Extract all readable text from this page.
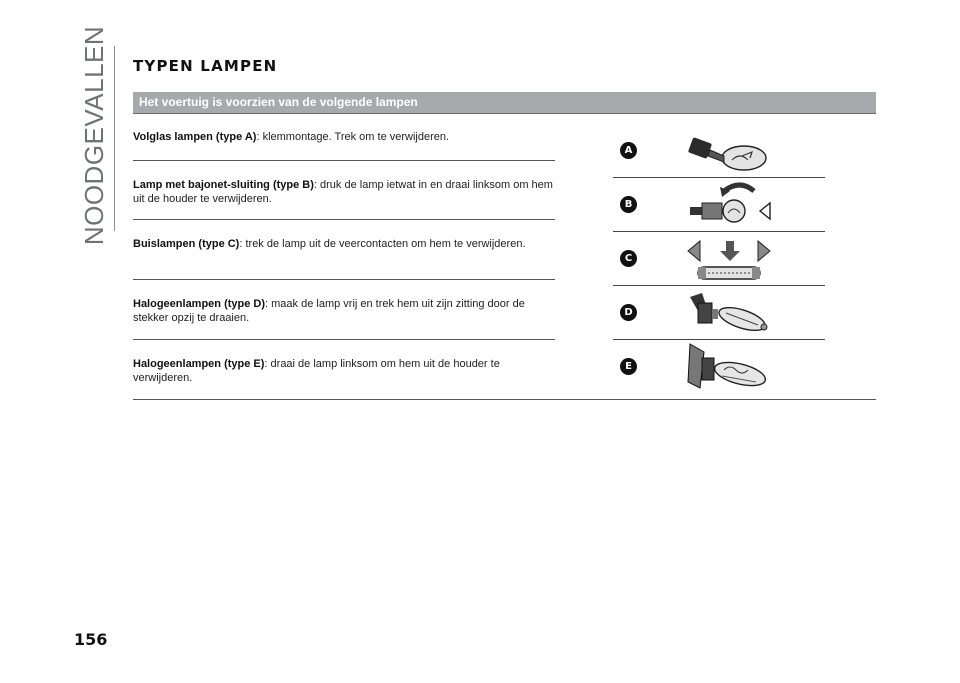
NOODGEVALLEN TYPEN LAMPEN
Het voertuig is voorzien van de volgende lampen
Volglas lampen (type A): klemmontage. Trek om te verwijderen.
Lamp met bajonet-sluiting (type B): druk de lamp ietwat in en draai linksom om hem uit de houder te verwijderen.
Buislampen (type C): trek de lamp uit de veercontacten om hem te verwijderen.
Halogeenlampen (type D): maak de lamp vrij en trek hem uit zijn zitting door de stekker opzij te draaien.
Halogeenlampen (type E): draai de lamp linksom om hem uit de houder te verwijderen.
A
B
C
D
E

156
